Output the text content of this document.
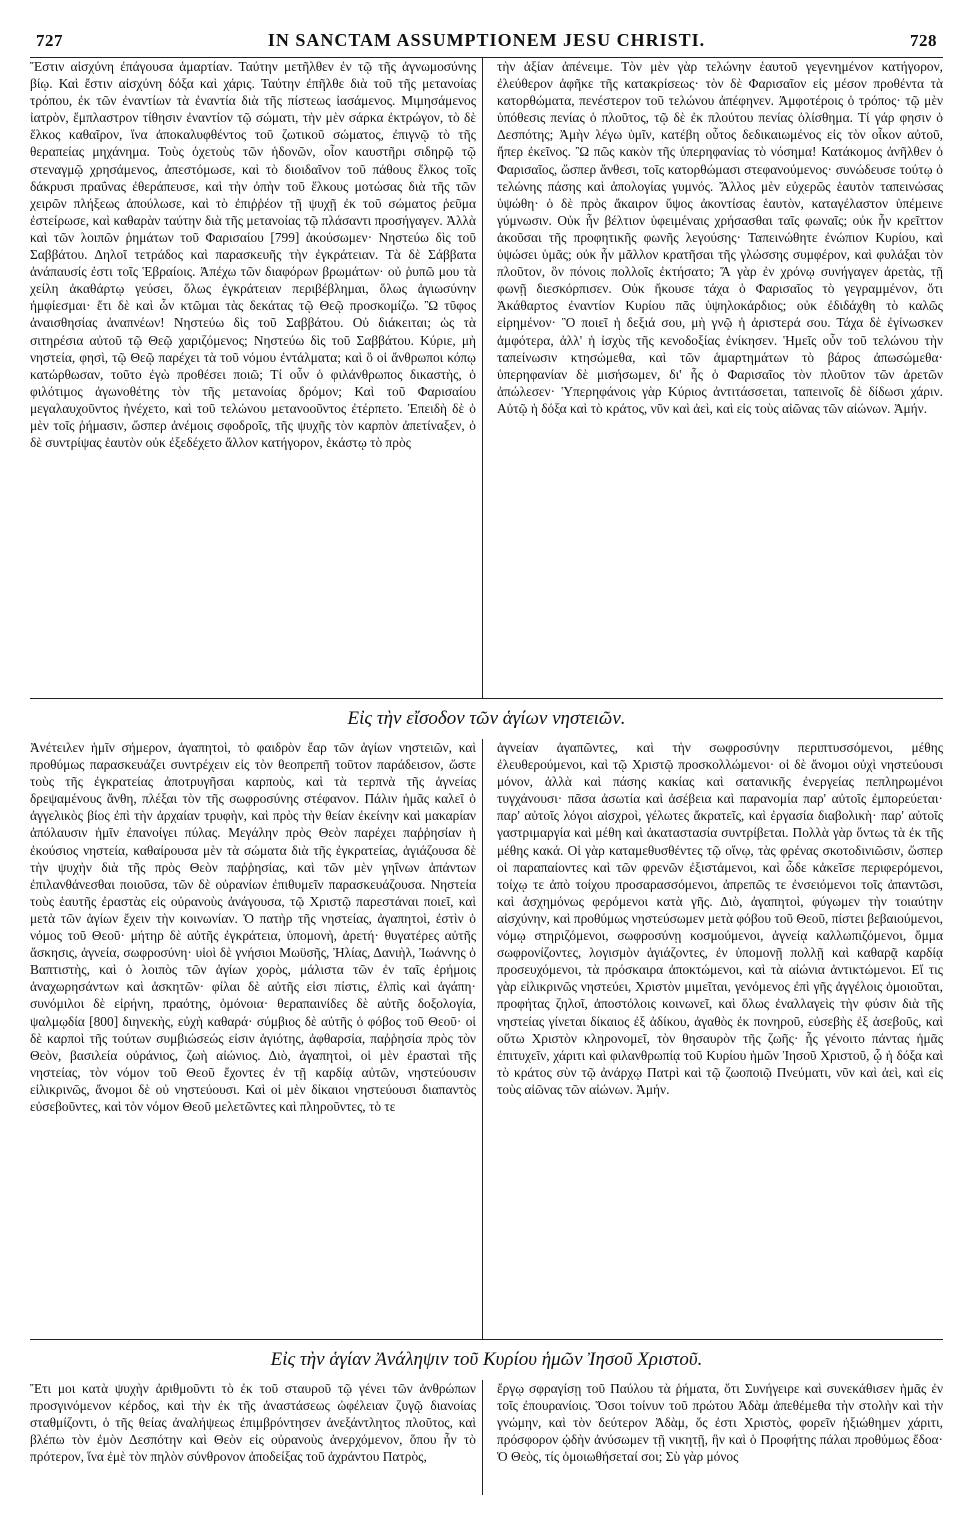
727	IN SANCTAM ASSUMPTIONEM JESU CHRISTI.	728

Ἔστιν αἰσχύνη ἐπάγουσα ἁμαρτίαν. Ταύτην μετῆλθεν ἐν τῷ τῆς ἀγνωμοσύνης βίῳ. Καὶ ἔστιν αἰσχύνη δόξα καὶ χάρις. Ταύτην ἐπῆλθε διὰ τοῦ τῆς μετανοίας τρόπου, ἐκ τῶν ἐναντίων τὰ ἐναντία διὰ τῆς πίστεως ἰασάμενος. Μιμησάμενος ἰατρὸν, ἔμπλαστρον τίθησιν ἐναντίον τῷ σώματι, τὴν μὲν σάρκα ἐκτρώγον, τὸ δὲ ἕλκος καθαῖρον, ἵνα ἀποκαλυφθέντος τοῦ ζωτικοῦ σώματος, ἐπιγνῷ τὸ τῆς θεραπείας μηχάνημα. Τοὺς ὀχετοὺς τῶν ἡδονῶν, οἷον καυστῆρι σιδηρῷ τῷ στεναγμῷ χρησάμενος, ἀπεστόμωσε, καὶ τὸ διοιδαῖνον τοῦ πάθους ἕλκος τοῖς δάκρυσι πραΰνας ἐθεράπευσε, καὶ τὴν ὀπὴν τοῦ ἕλκους μοτώσας διὰ τῆς τῶν χειρῶν πλήξεως ἀπούλωσε, καὶ τὸ ἐπιῤῥέον τῇ ψυχῇ ἐκ τοῦ σώματος ῥεῦμα ἐστείρωσε, καὶ καθαρὰν ταύτην διὰ τῆς μετανοίας τῷ πλάσαντι προσήγαγεν. Ἀλλὰ καὶ τῶν λοιπῶν ῥημάτων τοῦ Φαρισαίου [799] ἀκούσωμεν· Νηστεύω δὶς τοῦ Σαββάτου. Δηλοῖ τετράδος καὶ παρασκευῆς τὴν ἐγκράτειαν. Τὰ δὲ Σάββατα ἀνάπαυσίς ἐστι τοῖς Ἑβραίοις. Ἀπέχω τῶν διαφόρων βρωμάτων· οὐ ῥυπῶ μου τὰ χείλη ἀκαθάρτῳ γεύσει, ὅλως ἐγκράτειαν περιβέβλημαι, ὅλως ἁγιωσύνην ἠμφίεσμαι· ἔτι δὲ καὶ ὧν κτῶμαι τὰς δεκάτας τῷ Θεῷ προσκομίζω. Ὢ τῦφος ἀναισθησίας ἀναπνέων! Νηστεύω δὶς τοῦ Σαββάτου. Οὐ διάκειται; ὡς τὰ σιτηρέσια αὐτοῦ τῷ Θεῷ χαριζόμενος; Νηστεύω δὶς τοῦ Σαββάτου. Κύριε, μὴ νηστεία, φησὶ, τῷ Θεῷ παρέχει τὰ τοῦ νόμου ἐντάλματα; καὶ ὃ οἱ ἄνθρωποι κόπῳ κατώρθωσαν, τοῦτο ἐγὼ προθέσει ποιῶ; Τί οὖν ὁ φιλάνθρωπος δικαστὴς, ὁ φιλότιμος ἀγωνοθέτης τὸν τῆς μετανοίας δρόμον; Καὶ τοῦ Φαρισαίου μεγαλαυχοῦντος ἠνέχετο, καὶ τοῦ τελώνου μετανοοῦντος ἐτέρπετο. Ἐπειδὴ δὲ ὁ μὲν τοῖς ῥήμασιν, ὥσπερ ἀνέμοις σφοδροῖς, τῆς ψυχῆς τὸν καρπὸν ἀπετίναξεν, ὁ δὲ συντρίψας ἑαυτὸν οὐκ ἐξεδέχετο ἄλλον κατήγορον, ἑκάστῳ τὸ πρὸς

τὴν ἀξίαν ἀπένειμε. Τὸν μὲν γὰρ τελώνην ἑαυτοῦ γεγενημένον κατήγορον, ἐλεύθερον ἀφῆκε τῆς κατακρίσεως· τὸν δὲ Φαρισαῖον εἰς μέσον προθέντα τὰ κατορθώματα, πενέστερον τοῦ τελώνου ἀπέφηνεν. Ἀμφοτέροις ὁ τρόπος· τῷ μὲν ὑπόθεσις πενίας ὁ πλοῦτος, τῷ δὲ ἐκ πλούτου πενίας ὀλίσθημα. Τί γάρ φησιν ὁ Δεσπότης; Ἀμὴν λέγω ὑμῖν, κατέβη οὗτος δεδικαιωμένος εἰς τὸν οἶκον αὐτοῦ, ἤπερ ἐκεῖνος. Ὢ πῶς κακὸν τῆς ὑπερηφανίας τὸ νόσημα! Κατάκομος ἀνῆλθεν ὁ Φαρισαῖος, ὥσπερ ἄνθεσι, τοῖς κατορθώμασι στεφανούμενος· συνώδευσε τούτῳ ὁ τελώνης πάσης καὶ ἀπολογίας γυμνός. Ἄλλος μὲν εὐχερῶς ἑαυτὸν ταπεινώσας ὑψώθη· ὁ δὲ πρὸς ἄκαιρον ὕψος ἀκοντίσας ἑαυτὸν, καταγέλαστον ὑπέμεινε γύμνωσιν. Οὐκ ἦν βέλτιον ὑφειμέναις χρήσασθαι ταῖς φωναῖς; οὐκ ἦν κρεῖττον ἀκοῦσαι τῆς προφητικῆς φωνῆς λεγούσης· Ταπεινώθητε ἐνώπιον Κυρίου, καὶ ὑψώσει ὑμᾶς; οὐκ ἦν μᾶλλον κρατῆσαι τῆς γλώσσης συμφέρον, καὶ φυλάξαι τὸν πλοῦτον, ὃν πόνοις πολλοῖς ἐκτήσατο; Ἅ γὰρ ἐν χρόνῳ συνήγαγεν ἀρετὰς, τῇ φωνῇ διεσκόρπισεν. Οὐκ ἤκουσε τάχα ὁ Φαρισαῖος τὸ γεγραμμένον, ὅτι Ἀκάθαρτος ἐναντίον Κυρίου πᾶς ὑψηλοκάρδιος; οὐκ ἐδιδάχθη τὸ καλῶς εἰρημένον· Ὃ ποιεῖ ἡ δεξιά σου, μὴ γνῷ ἡ ἀριστερά σου. Τάχα δὲ ἐγίνωσκεν ἀμφότερα, ἀλλ' ἡ ἰσχὺς τῆς κενοδοξίας ἐνίκησεν. Ἡμεῖς οὖν τοῦ τελώνου τὴν ταπείνωσιν κτησώμεθα, καὶ τῶν ἁμαρτημάτων τὸ βάρος ἀπωσώμεθα· ὑπερηφανίαν δὲ μισήσωμεν, δι' ἧς ὁ Φαρισαῖος τὸν πλοῦτον τῶν ἀρετῶν ἀπώλεσεν· Ὑπερηφάνοις γὰρ Κύριος ἀντιτάσσεται, ταπεινοῖς δὲ δίδωσι χάριν. Αὐτῷ ἡ δόξα καὶ τὸ κράτος, νῦν καὶ ἀεὶ, καὶ εἰς τοὺς αἰῶνας τῶν αἰώνων. Ἀμήν.

Εἰς τὴν εἴσοδον τῶν ἁγίων νηστειῶν.

Ἀνέτειλεν ἡμῖν σήμερον, ἀγαπητοὶ, τὸ φαιδρὸν ἔαρ τῶν ἁγίων νηστειῶν, καὶ προθύμως παρασκευάζει συντρέχειν εἰς τὸν θεοπρεπῆ τοῦτον παράδεισον, ὥστε τοὺς τῆς ἐγκρατείας ἀποτρυγῆσαι καρποὺς, καὶ τὰ τερπνὰ τῆς ἁγνείας δρεψαμένους ἄνθη, πλέξαι τὸν τῆς σωφροσύνης στέφανον. Πάλιν ἡμᾶς καλεῖ ὁ ἀγγελικὸς βίος ἐπὶ τὴν ἀρχαίαν τρυφὴν, καὶ πρὸς τὴν θείαν ἐκείνην καὶ μακαρίαν ἀπόλαυσιν ἡμῖν ἐπανοίγει πύλας. Μεγάλην πρὸς Θεὸν παρέχει παῤῥησίαν ἡ ἐκούσιος νηστεία, καθαίρουσα μὲν τὰ σώματα διὰ τῆς ἐγκρατείας, ἁγιάζουσα δὲ τὴν ψυχὴν διὰ τῆς πρὸς Θεὸν παῤῥησίας, καὶ τῶν μὲν γηΐνων ἁπάντων ἐπιλανθάνεσθαι ποιοῦσα, τῶν δὲ οὐρανίων ἐπιθυμεῖν παρασκευάζουσα. Νηστεία τοὺς ἑαυτῆς ἐραστὰς εἰς οὐρανοὺς ἀνάγουσα, τῷ Χριστῷ παρεστάναι ποιεῖ, καὶ μετὰ τῶν ἁγίων ἔχειν τὴν κοινωνίαν. Ὁ πατὴρ τῆς νηστείας, ἀγαπητοὶ, ἐστὶν ὁ νόμος τοῦ Θεοῦ· μήτηρ δὲ αὐτῆς ἐγκράτεια, ὑπομονὴ, ἀρετή· θυγατέρες αὐτῆς ἄσκησις, ἁγνεία, σωφροσύνη· υἱοὶ δὲ γνήσιοι Μωϋσῆς, Ἠλίας, Δανιὴλ, Ἰωάννης ὁ Βαπτιστὴς, καὶ ὁ λοιπὸς τῶν ἁγίων χορὸς, μάλιστα τῶν ἐν ταῖς ἐρήμοις ἀναχωρησάντων καὶ ἀσκητῶν· φίλαι δὲ αὐτῆς εἰσι πίστις, ἐλπὶς καὶ ἀγάπη· συνόμιλοι δὲ εἰρήνη, πραότης, ὁμόνοια· θεραπαινίδες δὲ αὐτῆς δοξολογία, ψαλμῳδία [800] διηνεκὴς, εὐχὴ καθαρά· σύμβιος δὲ αὐτῆς ὁ φόβος τοῦ Θεοῦ· οἱ δὲ καρποὶ τῆς τούτων συμβιώσεώς εἰσιν ἁγιότης, ἀφθαρσία, παῤῥησία πρὸς τὸν Θεὸν, βασιλεία οὐράνιος, ζωὴ αἰώνιος. Διὸ, ἀγαπητοὶ, οἱ μὲν ἐρασταὶ τῆς νηστείας, τὸν νόμον τοῦ Θεοῦ ἔχοντες ἐν τῇ καρδίᾳ αὐτῶν, νηστεύουσιν εἰλικρινῶς, ἄνομοι δὲ οὐ νηστεύουσι. Καὶ οἱ μὲν δίκαιοι νηστεύουσι διαπαντὸς εὐσεβοῦντες, καὶ τὸν νόμον Θεοῦ μελετῶντες καὶ πληροῦντες, τὸ τε

ἁγνείαν ἀγαπῶντες, καὶ τὴν σωφροσύνην περιπτυσσόμενοι, μέθης ἐλευθερούμενοι, καὶ τῷ Χριστῷ προσκολλώμενοι· οἱ δὲ ἄνομοι οὐχὶ νηστεύουσι μόνον, ἀλλὰ καὶ πάσης κακίας καὶ σατανικῆς ἐνεργείας πεπληρωμένοι τυγχάνουσι· πᾶσα ἀσωτία καὶ ἀσέβεια καὶ παρανομία παρ' αὐτοῖς ἐμπορεύεται· παρ' αὐτοῖς λόγοι αἰσχροὶ, γέλωτες ἄκρατεῖς, καὶ ἐργασία διαβολικὴ· παρ' αὐτοῖς γαστριμαργία καὶ μέθη καὶ ἀκαταστασία συντρίβεται. Πολλὰ γὰρ ὄντως τὰ ἐκ τῆς μέθης κακά. Οἱ γὰρ καταμεθυσθέντες τῷ οἴνῳ, τὰς φρένας σκοτοδινιῶσιν, ὥσπερ οἱ παραπαίοντες καὶ τῶν φρενῶν ἐξιστάμενοι, καὶ ὧδε κἀκεῖσε περιφερόμενοι, τοίχῳ τε ἀπὸ τοίχου προσαρασσόμενοι, ἀπρεπῶς τε ἐνσειόμενοι τοῖς ἀπαντῶσι, καὶ ἀσχημόνως φερόμενοι κατὰ γῆς. Διὸ, ἀγαπητοὶ, φύγωμεν τὴν τοιαύτην αἰσχύνην, καὶ προθύμως νηστεύσωμεν μετὰ φόβου τοῦ Θεοῦ, πίστει βεβαιούμενοι, νόμῳ στηριζόμενοι, σωφροσύνῃ κοσμούμενοι, ἁγνείᾳ καλλωπιζόμενοι, ὄμμα σωφρονίζοντες, λογισμὸν ἁγιάζοντες, ἐν ὑπομονῇ πολλῇ καὶ καθαρᾷ καρδίᾳ προσευχόμενοι, τὰ πρόσκαιρα ἀποκτώμενοι, καὶ τὰ αἰώνια ἀντικτώμενοι. Εἴ τις γὰρ εἰλικρινῶς νηστεύει, Χριστὸν μιμεῖται, γενόμενος ἐπὶ γῆς ἀγγέλοις ὁμοιοῦται, προφήτας ζηλοῖ, ἀποστόλοις κοινωνεῖ, καὶ ὅλως ἐναλλαγεὶς τὴν φύσιν διὰ τῆς νηστείας γίνεται δίκαιος ἐξ ἀδίκου, ἀγαθὸς ἐκ πονηροῦ, εὐσεβὴς ἐξ ἀσεβοῦς, καὶ οὕτω Χριστὸν κληρονομεῖ, τὸν θησαυρὸν τῆς ζωῆς· ἧς γένοιτο πάντας ἡμᾶς ἐπιτυχεῖν, χάριτι καὶ φιλανθρωπίᾳ τοῦ Κυρίου ἡμῶν Ἰησοῦ Χριστοῦ, ᾧ ἡ δόξα καὶ τὸ κράτος σὺν τῷ ἀνάρχῳ Πατρὶ καὶ τῷ ζωοποιῷ Πνεύματι, νῦν καὶ ἀεὶ, καὶ εἰς τοὺς αἰῶνας τῶν αἰώνων. Ἀμήν.

Εἰς τὴν ἁγίαν Ἀνάληψιν τοῦ Κυρίου ἡμῶν Ἰησοῦ Χριστοῦ.

Ἔτι μοι κατὰ ψυχὴν ἀριθμοῦντι τὸ ἐκ τοῦ σταυροῦ τῷ γένει τῶν ἀνθρώπων προσγινόμενον κέρδος, καὶ τὴν ἐκ τῆς ἀναστάσεως ὠφέλειαν ζυγῷ διανοίας σταθμίζοντι, ὁ τῆς θείας ἀναλήψεως ἐπιμβρόντησεν ἀνεξάντλητος πλοῦτος, καὶ βλέπω τὸν ἐμὸν Δεσπότην καὶ Θεὸν εἰς οὐρανοὺς ἀνερχόμενον, ὅπου ἦν τὸ πρότερον, ἵνα ἐμὲ τὸν πηλὸν σύνθρονον ἀποδείξας τοῦ ἀχράντου Πατρὸς,

ἔργῳ σφραγίσῃ τοῦ Παύλου τὰ ῥήματα, ὅτι Συνήγειρε καὶ συνεκάθισεν ἡμᾶς ἐν τοῖς ἐπουρανίοις. Ὅσοι τοίνυν τοῦ πρώτου Ἀδὰμ ἀπεθέμεθα τὴν στολὴν καὶ τὴν γνώμην, καὶ τὸν δεύτερον Ἀδὰμ, ὅς ἐστι Χριστὸς, φορεῖν ἠξιώθημεν χάριτι, πρόσφορον ᾠδὴν ἀνύσωμεν τῇ νικητῇ, ἣν καὶ ὁ Προφήτης πάλαι προθύμως ἔδοα· Ὁ Θεὸς, τίς ὁμοιωθήσεταί σοι; Σὺ γὰρ μόνος
